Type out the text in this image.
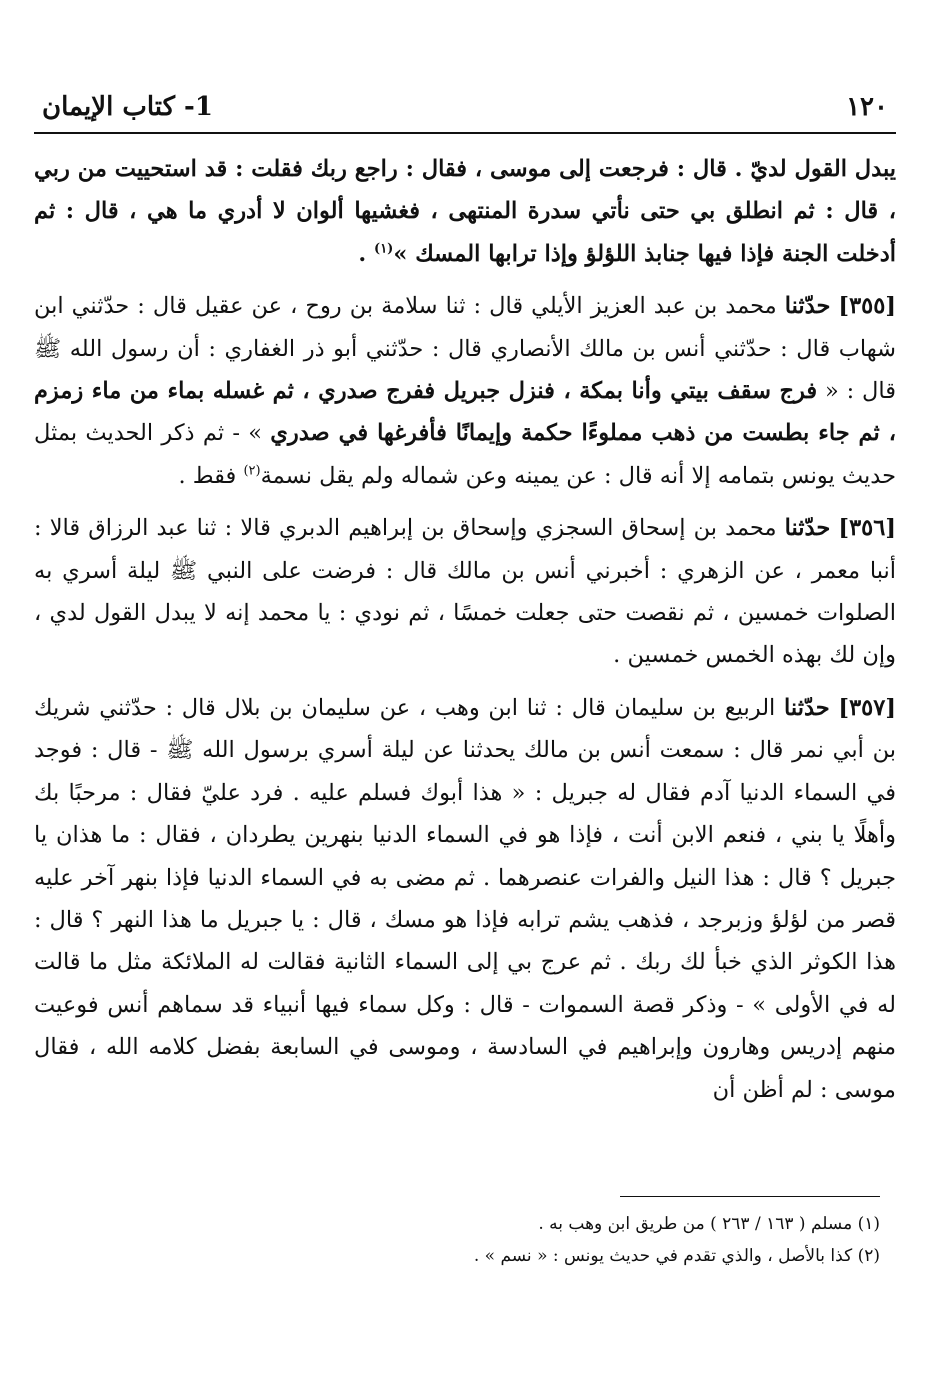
١٢٠
1- كتاب الإيمان

يبدل القول لديّ . قال : فرجعت إلى موسى ، فقال : راجع ربك فقلت : قد استحييت من ربي ، قال : ثم انطلق بي حتى نأتي سدرة المنتهى ، فغشيها ألوان لا أدري ما هي ، قال : ثم أدخلت الجنة فإذا فيها جنابذ اللؤلؤ وإذا ترابها المسك »$^{(١)}$ .

[٣٥٥] حدّثنا محمد بن عبد العزيز الأيلي قال : ثنا سلامة بن روح ، عن عقيل قال : حدّثني ابن شهاب قال : حدّثني أنس بن مالك الأنصاري قال : حدّثني أبو ذر الغفاري : أن رسول الله ﷺ قال : « فرج سقف بيتي وأنا بمكة ، فنزل جبريل ففرج صدري ، ثم غسله بماء من ماء زمزم ، ثم جاء بطست من ذهب مملوءًا حكمة وإيمانًا فأفرغها في صدري » - ثم ذكر الحديث بمثل حديث يونس بتمامه إلا أنه قال : عن يمينه وعن شماله ولم يقل نسمة$^{(٢)}$ فقط .

[٣٥٦] حدّثنا محمد بن إسحاق السجزي وإسحاق بن إبراهيم الدبري قالا : ثنا عبد الرزاق قالا : أنبا معمر ، عن الزهري : أخبرني أنس بن مالك قال : فرضت على النبي ﷺ ليلة أسري به الصلوات خمسين ، ثم نقصت حتى جعلت خمسًا ، ثم نودي : يا محمد إنه لا يبدل القول لدي ، وإن لك بهذه الخمس خمسين .

[٣٥٧] حدّثنا الربيع بن سليمان قال : ثنا ابن وهب ، عن سليمان بن بلال قال : حدّثني شريك بن أبي نمر قال : سمعت أنس بن مالك يحدثنا عن ليلة أسري برسول الله ﷺ - قال : فوجد في السماء الدنيا آدم فقال له جبريل : « هذا أبوك فسلم عليه . فرد عليّ فقال : مرحبًا بك وأهلًا يا بني ، فنعم الابن أنت ، فإذا هو في السماء الدنيا بنهرين يطردان ، فقال : ما هذان يا جبريل ؟ قال : هذا النيل والفرات عنصرهما . ثم مضى به في السماء الدنيا فإذا بنهر آخر عليه قصر من لؤلؤ وزبرجد ، فذهب يشم ترابه فإذا هو مسك ، قال : يا جبريل ما هذا النهر ؟ قال : هذا الكوثر الذي خبأ لك ربك . ثم عرج بي إلى السماء الثانية فقالت له الملائكة مثل ما قالت له في الأولى » - وذكر قصة السموات - قال : وكل سماء فيها أنبياء قد سماهم أنس فوعيت منهم إدريس وهارون وإبراهيم في السادسة ، وموسى في السابعة بفضل كلامه الله ، فقال موسى : لم أظن أن

(١) مسلم ( ١٦٣ / ٢٦٣ ) من طريق ابن وهب به .

(٢) كذا بالأصل ، والذي تقدم في حديث يونس : « نسم » .
